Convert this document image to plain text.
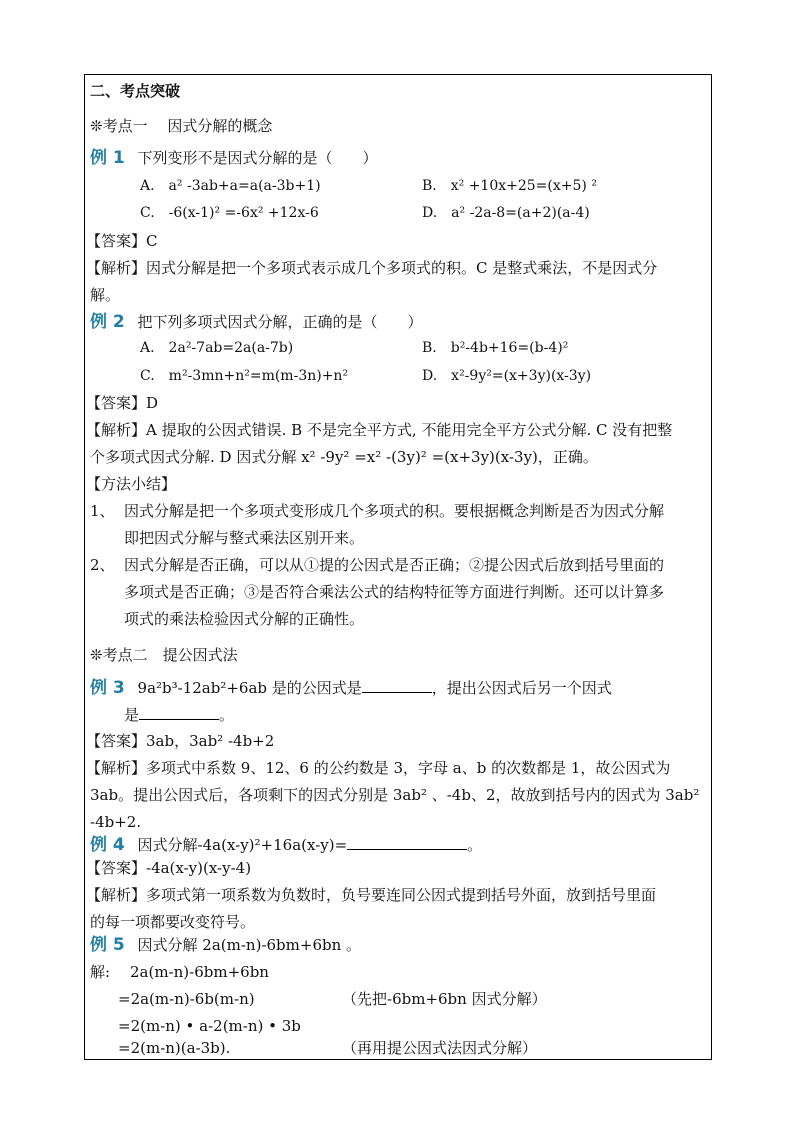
二、考点突破
❊考点一　 因式分解的概念
例 1 下列变形不是因式分解的是（　　）
A.　a² -3ab+a=a(a-3b+1)	B.　x² +10x+25=(x+5) ²
C.　-6(x-1)² =-6x² +12x-6	D.　a² -2a-8=(a+2)(a-4)
【答案】C
【解析】因式分解是把一个多项式表示成几个多项式的积。C 是整式乘法，不是因式分
解。
例 2 把下列多项式因式分解，正确的是（　　）
A.　2a²-7ab=2a(a-7b)	B.　b²-4b+16=(b-4)²
C.　m²-3mn+n²=m(m-3n)+n²	D.　x²-9y²=(x+3y)(x-3y)
【答案】D
【解析】A 提取的公因式错误. B 不是完全平方式, 不能用完全平方公式分解. C 没有把整
个多项式因式分解. D 因式分解 x² -9y² =x² -(3y)² =(x+3y)(x-3y)，正确。
【方法小结】
1、 因式分解是把一个多项式变形成几个多项式的积。要根据概念判断是否为因式分解
即把因式分解与整式乘法区别开来。
2、 因式分解是否正确，可以从①提的公因式是否正确；②提公因式后放到括号里面的
多项式是否正确；③是否符合乘法公式的结构特征等方面进行判断。还可以计算多
项式的乘法检验因式分解的正确性。
❊考点二　提公因式法
例 3 9a²b³-12ab²+6ab 是的公因式是	，提出公因式后另一个因式
是	。
【答案】3ab，3ab² -4b+2
【解析】多项式中系数 9、12、6 的公约数是 3，字母 a、b 的次数都是 1，故公因式为
3ab。提出公因式后，各项剩下的因式分别是 3ab² 、-4b、2，故放到括号内的因式为 3ab²
-4b+2.
例 4 因式分解-4a(x-y)²+16a(x-y)=	。
【答案】-4a(x-y)(x-y-4)
【解析】多项式第一项系数为负数时，负号要连同公因式提到括号外面，放到括号里面
的每一项都要改变符号。
例 5 因式分解 2a(m-n)-6bm+6bn 。
解: 2a(m-n)-6bm+6bn
=2a(m-n)-6b(m-n)	（先把-6bm+6bn 因式分解）
=2(m-n) • a-2(m-n) • 3b
=2(m-n)(a-3b).	（再用提公因式法因式分解）
